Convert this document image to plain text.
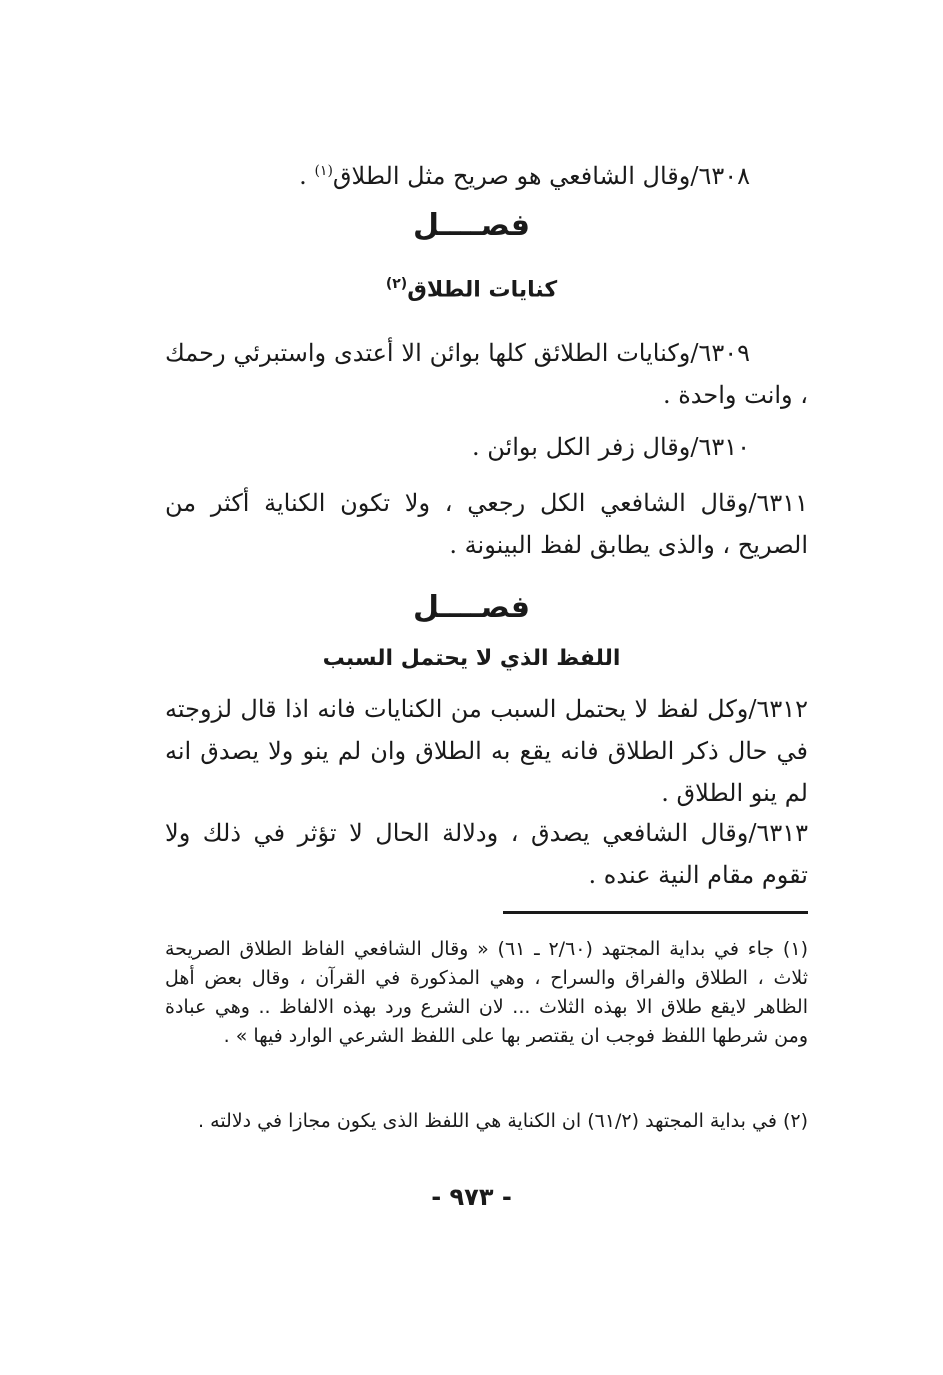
٦٣٠٨/وقال الشافعي هو صريح مثل الطلاق$^{(١)}$ .
فصــــل
كنايات الطلاق$^{(٢)}$
٦٣٠٩/وكنايات الطلائق كلها بوائن الا أعتدى واستبرئي رحمك ، وانت واحدة .
٦٣١٠/وقال زفر الكل بوائن .
٦٣١١/وقال الشافعي الكل رجعي ، ولا تكون الكناية أكثر من الصريح ، والذى يطابق لفظ البينونة .
فصــــل
اللفظ الذي لا يحتمل السبب
٦٣١٢/وكل لفظ لا يحتمل السبب من الكنايات فانه اذا قال لزوجته في حال ذكر الطلاق فانه يقع به الطلاق وان لم ينو ولا يصدق انه لم ينو الطلاق .
٦٣١٣/وقال الشافعي يصدق ، ودلالة الحال لا تؤثر في ذلك ولا تقوم مقام النية عنده .
(١) جاء في بداية المجتهد (٢/٦٠ ـ ٦١) « وقال الشافعي الفاظ الطلاق الصريحة ثلاث ، الطلاق والفراق والسراح ، وهي المذكورة في القرآن ، وقال بعض أهل الظاهر لايقع طلاق الا بهذه الثلاث ... لان الشرع ورد بهذه الالفاظ .. وهي عبادة ومن شرطها اللفظ فوجب ان يقتصر بها على اللفظ الشرعي الوارد فيها » .
(٢) في بداية المجتهد (٦١/٢) ان الكناية هي اللفظ الذى يكون مجازا في دلالته .
- ٩٧٣ -
